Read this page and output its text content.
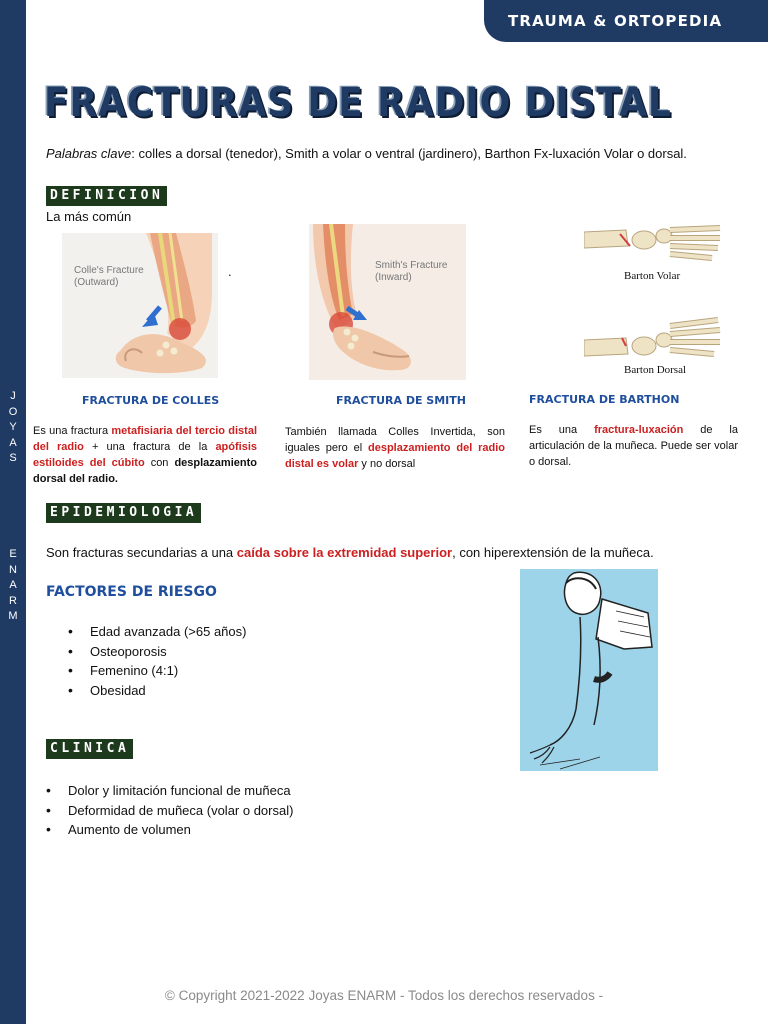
J
O
Y
A
S
E
N
A
R
M
TRAUMA & ORTOPEDIA
FRACTURAS DE RADIO DISTAL
Palabras clave: colles a dorsal (tenedor), Smith a volar o ventral (jardinero), Barthon Fx-luxación Volar o dorsal.
DEFINICION
La más común
.
Colle's Fracture
(Outward)
Smith's Fracture
(Inward)	Barton Volar
Barton Dorsal
FRACTURA DE COLLES	FRACTURA DE SMITH	FRACTURA DE BARTHON
Es una fractura metafisiaria del tercio distal del radio + una fractura de la apófisis estiloides del cúbito con desplazamiento dorsal del radio.
También llamada Colles Invertida, son iguales pero el desplazamiento del radio distal es volar y no dorsal
Es una fractura-luxación de la articulación de la muñeca. Puede ser volar o dorsal.
EPIDEMIOLOGIA
Son fracturas secundarias a una caída sobre la extremidad superior, con hiperextensión de la muñeca.
FACTORES DE RIESGO
• Edad avanzada (>65 años)
• Osteoporosis
• Femenino (4:1)
• Obesidad
CLINICA
• Dolor y limitación funcional de muñeca
• Deformidad de muñeca (volar o dorsal)
• Aumento de volumen
© Copyright 2021-2022 Joyas ENARM - Todos los derechos reservados -
